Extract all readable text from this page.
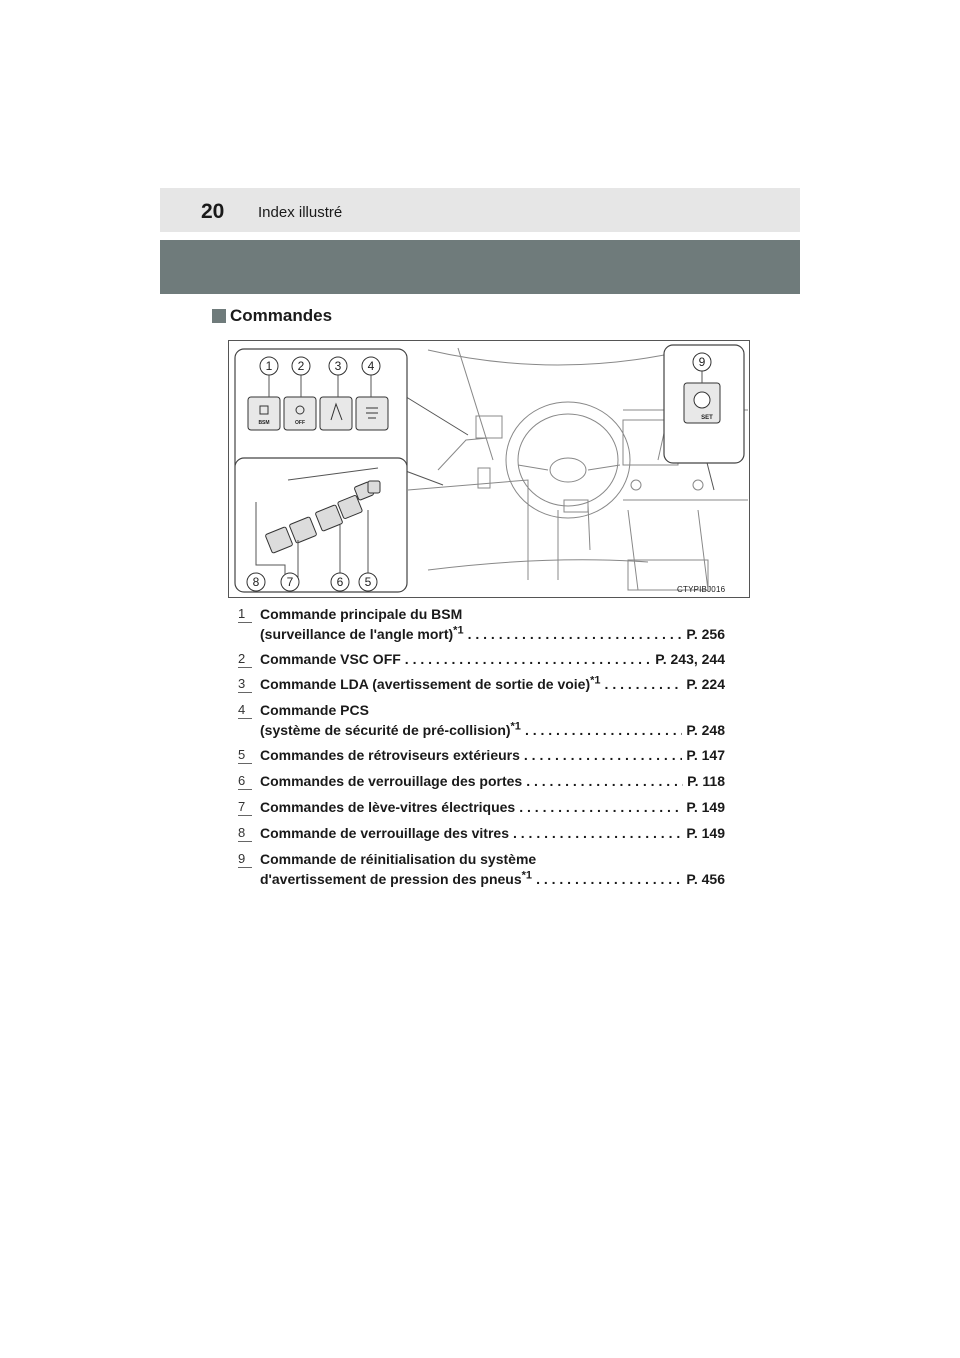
20 Index illustré
Commandes
1 2	3 4
BSM	OFF
8 7	6 5
9
SET
CTYPIBJ016
1 Commande principale du BSM
(surveillance de l'angle mort)$^{*1}$ . . .	P. 256
2 Commande VSC OFF . . .	P. 243, 244
3 Commande LDA (avertissement de sortie de voie)$^{*1}$ . . .	P. 224
4 Commande PCS
(système de sécurité de pré-collision)$^{*1}$ . . .	P. 248
5 Commandes de rétroviseurs extérieurs . . .	P. 147
6 Commandes de verrouillage des portes . . .	P. 118
7 Commandes de lève-vitres électriques . . .	P. 149
8 Commande de verrouillage des vitres . . .	P. 149
9 Commande de réinitialisation du système
d'avertissement de pression des pneus$^{*1}$ . . .	P. 456
